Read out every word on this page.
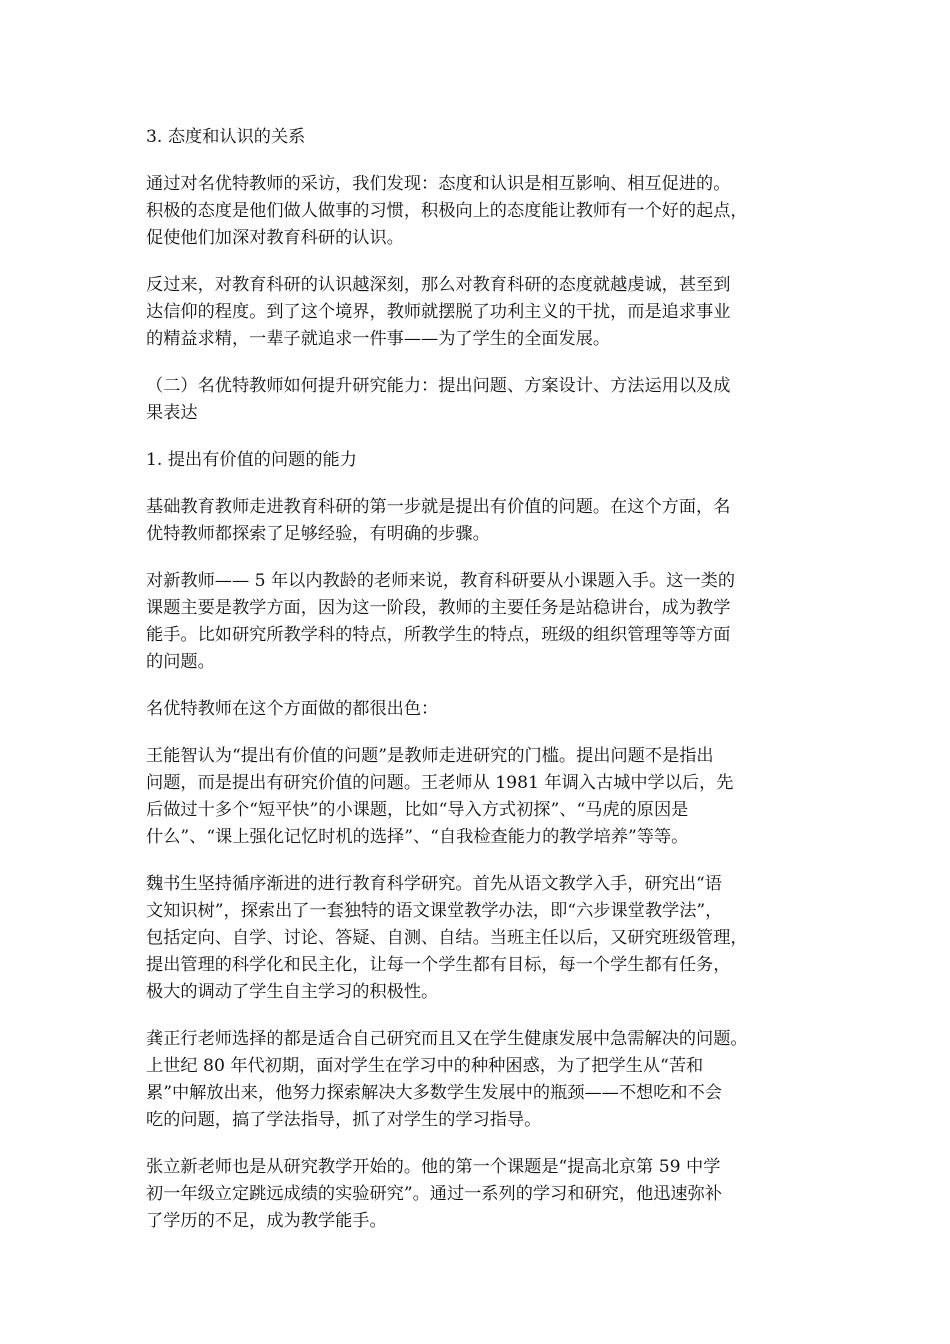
3. 态度和认识的关系

通过对名优特教师的采访，我们发现：态度和认识是相互影响、相互促进的。
积极的态度是他们做人做事的习惯，积极向上的态度能让教师有一个好的起点，
促使他们加深对教育科研的认识。

反过来，对教育科研的认识越深刻，那么对教育科研的态度就越虔诚，甚至到
达信仰的程度。到了这个境界，教师就摆脱了功利主义的干扰，而是追求事业
的精益求精，一辈子就追求一件事——为了学生的全面发展。

（二）名优特教师如何提升研究能力：提出问题、方案设计、方法运用以及成
果表达

1. 提出有价值的问题的能力

基础教育教师走进教育科研的第一步就是提出有价值的问题。在这个方面，名
优特教师都探索了足够经验，有明确的步骤。

对新教师—— 5 年以内教龄的老师来说，教育科研要从小课题入手。这一类的
课题主要是教学方面，因为这一阶段，教师的主要任务是站稳讲台，成为教学
能手。比如研究所教学科的特点，所教学生的特点，班级的组织管理等等方面
的问题。

名优特教师在这个方面做的都很出色：

王能智认为“提出有价值的问题”是教师走进研究的门槛。提出问题不是指出
问题，而是提出有研究价值的问题。王老师从 1981 年调入古城中学以后，先
后做过十多个“短平快”的小课题，比如“导入方式初探”、“马虎的原因是
什么”、“课上强化记忆时机的选择”、“自我检查能力的教学培养”等等。

魏书生坚持循序渐进的进行教育科学研究。首先从语文教学入手，研究出“语
文知识树”，探索出了一套独特的语文课堂教学办法，即“六步课堂教学法”，
包括定向、自学、讨论、答疑、自测、自结。当班主任以后，又研究班级管理，
提出管理的科学化和民主化，让每一个学生都有目标，每一个学生都有任务，
极大的调动了学生自主学习的积极性。

龚正行老师选择的都是适合自己研究而且又在学生健康发展中急需解决的问题。
上世纪 80 年代初期，面对学生在学习中的种种困惑，为了把学生从“苦和
累”中解放出来，他努力探索解决大多数学生发展中的瓶颈——不想吃和不会
吃的问题，搞了学法指导，抓了对学生的学习指导。

张立新老师也是从研究教学开始的。他的第一个课题是“提高北京第 59 中学
初一年级立定跳远成绩的实验研究”。通过一系列的学习和研究，他迅速弥补
了学历的不足，成为教学能手。
